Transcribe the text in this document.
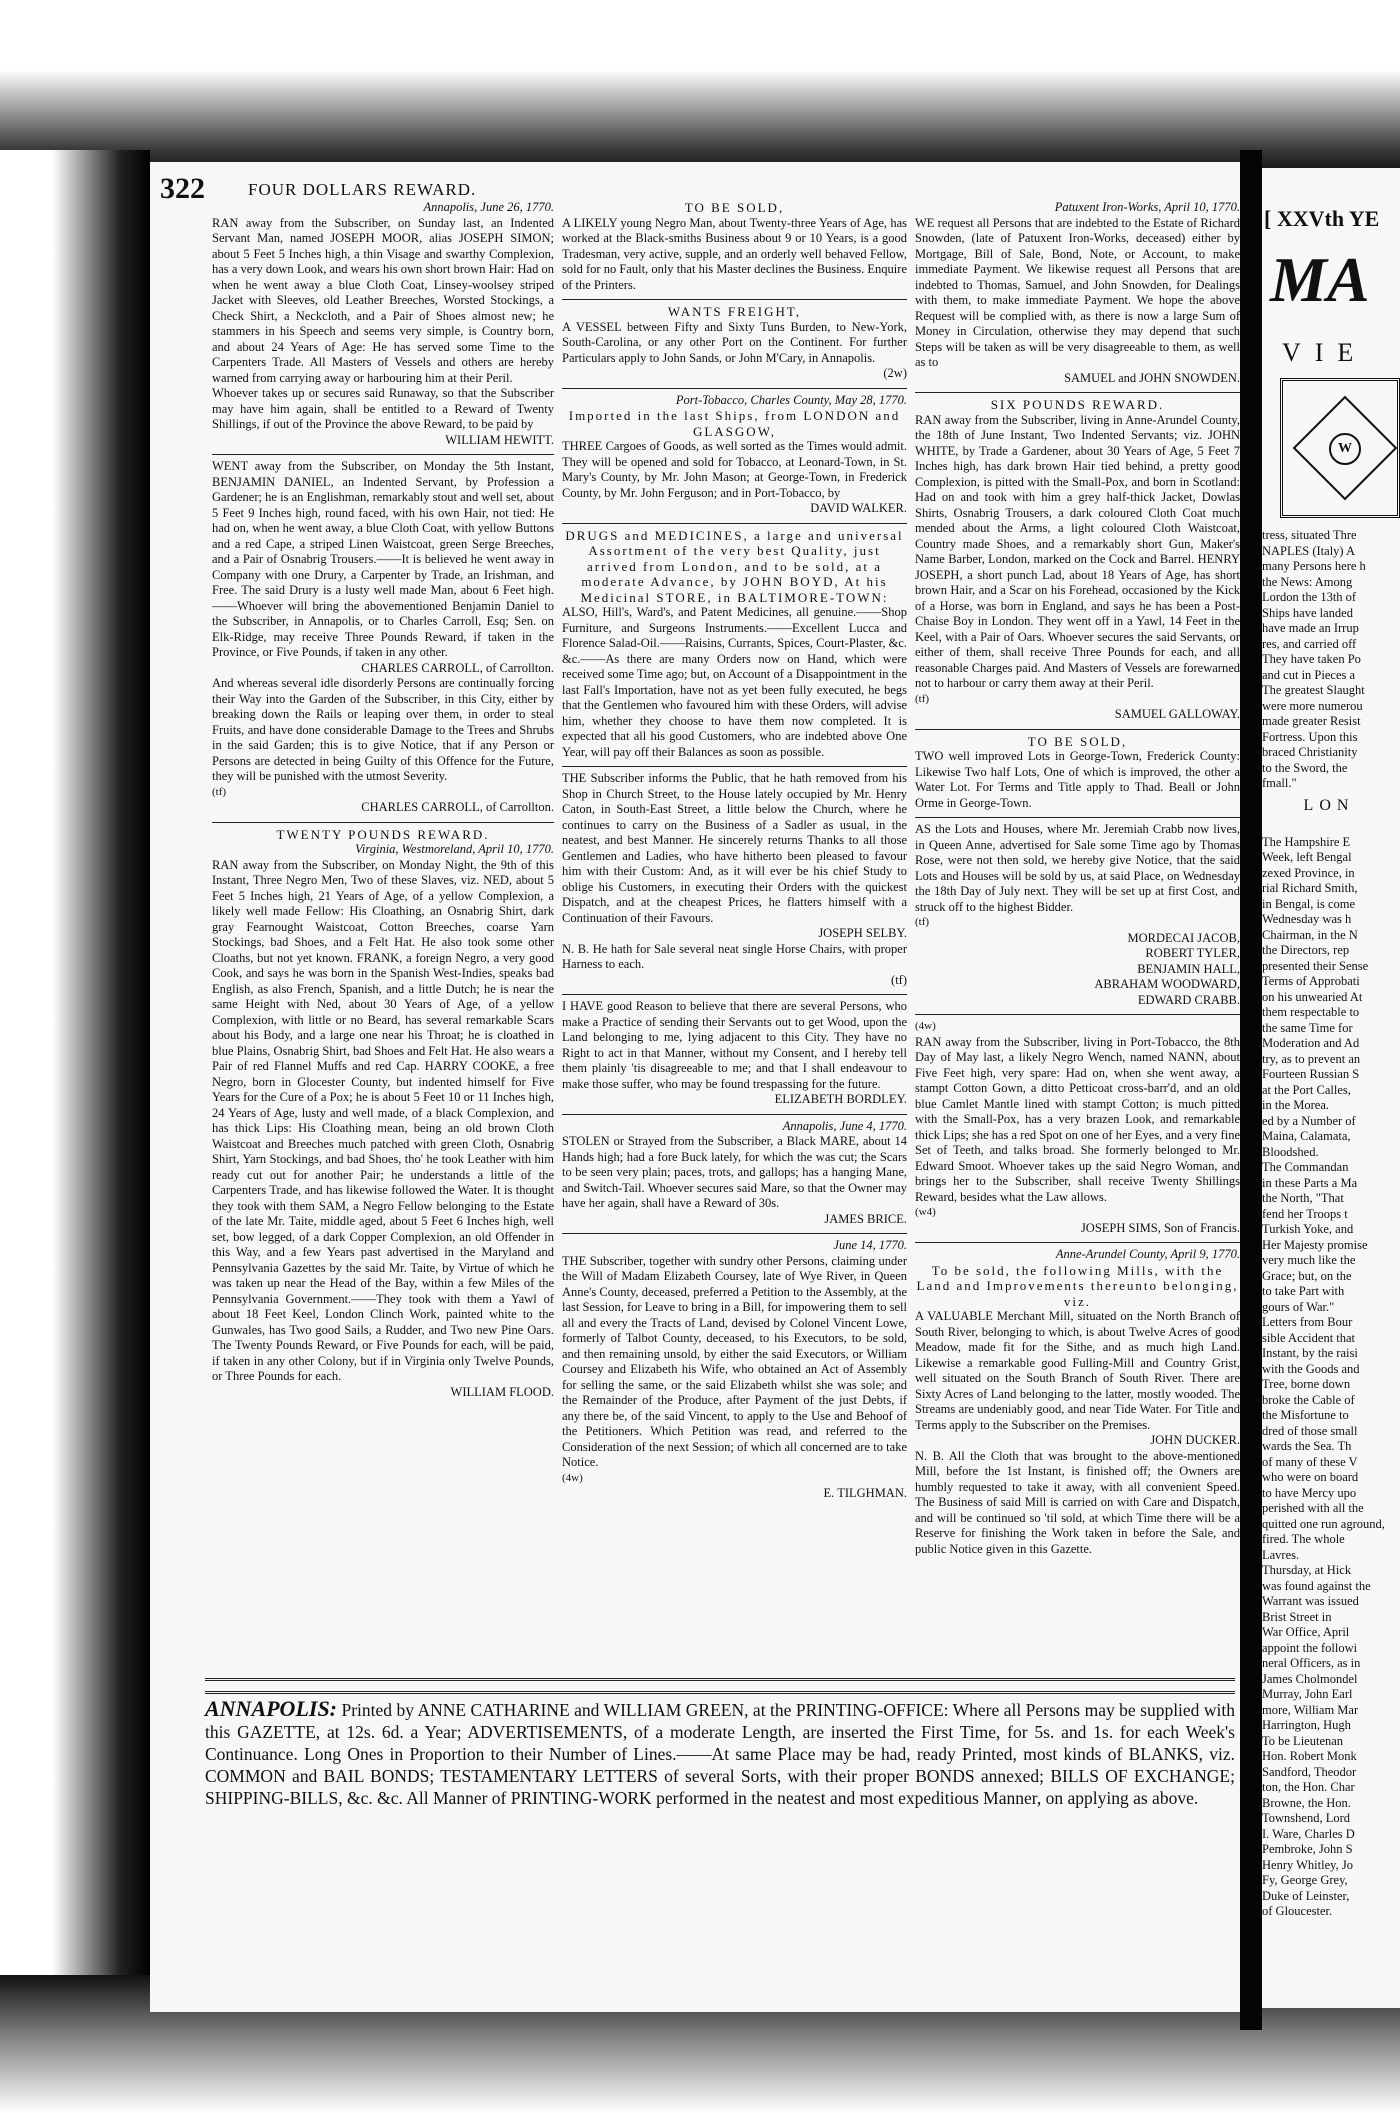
322	FOUR DOLLARS REWARD.

Annapolis, June 26, 1770.

RAN away from the Subscriber, on Sunday last, an Indented Servant Man, named JOSEPH MOOR, alias JOSEPH SIMON; about 5 Feet 5 Inches high, a thin Visage and swarthy Complexion, has a very down Look, and wears his own short brown Hair: Had on when he went away a blue Cloth Coat, Linsey-woolsey striped Jacket with Sleeves, old Leather Breeches, Worsted Stockings, a Check Shirt, a Neckcloth, and a Pair of Shoes almost new; he stammers in his Speech and seems very simple, is Country born, and about 24 Years of Age: He has served some Time to the Carpenters Trade. All Masters of Vessels and others are hereby warned from carrying away or harbouring him at their Peril.

Whoever takes up or secures said Runaway, so that the Subscriber may have him again, shall be entitled to a Reward of Twenty Shillings, if out of the Province the above Reward, to be paid by

WILLIAM HEWITT.

WENT away from the Subscriber, on Monday the 5th Instant, BENJAMIN DANIEL, an Indented Servant, by Profession a Gardener; he is an Englishman, remarkably stout and well set, about 5 Feet 9 Inches high, round faced, with his own Hair, not tied: He had on, when he went away, a blue Cloth Coat, with yellow Buttons and a red Cape, a striped Linen Waistcoat, green Serge Breeches, and a Pair of Osnabrig Trousers.——It is believed he went away in Company with one Drury, a Carpenter by Trade, an Irishman, and Free. The said Drury is a lusty well made Man, about 6 Feet high.——Whoever will bring the abovementioned Benjamin Daniel to the Subscriber, in Annapolis, or to Charles Carroll, Esq; Sen. on Elk-Ridge, may receive Three Pounds Reward, if taken in the Province, or Five Pounds, if taken in any other.

CHARLES CARROLL, of Carrollton.

And whereas several idle disorderly Persons are continually forcing their Way into the Garden of the Subscriber, in this City, either by breaking down the Rails or leaping over them, in order to steal Fruits, and have done considerable Damage to the Trees and Shrubs in the said Garden; this is to give Notice, that if any Person or Persons are detected in being Guilty of this Offence for the Future, they will be punished with the utmost Severity.

(tf)

CHARLES CARROLL, of Carrollton.

TWENTY POUNDS REWARD.

Virginia, Westmoreland, April 10, 1770.

RAN away from the Subscriber, on Monday Night, the 9th of this Instant, Three Negro Men, Two of these Slaves, viz. NED, about 5 Feet 5 Inches high, 21 Years of Age, of a yellow Complexion, a likely well made Fellow: His Cloathing, an Osnabrig Shirt, dark gray Fearnought Waistcoat, Cotton Breeches, coarse Yarn Stockings, bad Shoes, and a Felt Hat. He also took some other Cloaths, but not yet known. FRANK, a foreign Negro, a very good Cook, and says he was born in the Spanish West-Indies, speaks bad English, as also French, Spanish, and a little Dutch; he is near the same Height with Ned, about 30 Years of Age, of a yellow Complexion, with little or no Beard, has several remarkable Scars about his Body, and a large one near his Throat; he is cloathed in blue Plains, Osnabrig Shirt, bad Shoes and Felt Hat. He also wears a Pair of red Flannel Muffs and red Cap. HARRY COOKE, a free Negro, born in Glocester County, but indented himself for Five Years for the Cure of a Pox; he is about 5 Feet 10 or 11 Inches high, 24 Years of Age, lusty and well made, of a black Complexion, and has thick Lips: His Cloathing mean, being an old brown Cloth Waistcoat and Breeches much patched with green Cloth, Osnabrig Shirt, Yarn Stockings, and bad Shoes, tho' he took Leather with him ready cut out for another Pair; he understands a little of the Carpenters Trade, and has likewise followed the Water. It is thought they took with them SAM, a Negro Fellow belonging to the Estate of the late Mr. Taite, middle aged, about 5 Feet 6 Inches high, well set, bow legged, of a dark Copper Complexion, an old Offender in this Way, and a few Years past advertised in the Maryland and Pennsylvania Gazettes by the said Mr. Taite, by Virtue of which he was taken up near the Head of the Bay, within a few Miles of the Pennsylvania Government.——They took with them a Yawl of about 18 Feet Keel, London Clinch Work, painted white to the Gunwales, has Two good Sails, a Rudder, and Two new Pine Oars. The Twenty Pounds Reward, or Five Pounds for each, will be paid, if taken in any other Colony, but if in Virginia only Twelve Pounds, or Three Pounds for each.

WILLIAM FLOOD.

TO BE SOLD,

A LIKELY young Negro Man, about Twenty-three Years of Age, has worked at the Black-smiths Business about 9 or 10 Years, is a good Tradesman, very active, supple, and an orderly well behaved Fellow, sold for no Fault, only that his Master declines the Business. Enquire of the Printers.

WANTS FREIGHT,

A VESSEL between Fifty and Sixty Tuns Burden, to New-York, South-Carolina, or any other Port on the Continent. For further Particulars apply to John Sands, or John M'Cary, in Annapolis.

(2w)

Port-Tobacco, Charles County, May 28, 1770.

Imported in the last Ships, from LONDON and GLASGOW,

THREE Cargoes of Goods, as well sorted as the Times would admit. They will be opened and sold for Tobacco, at Leonard-Town, in St. Mary's County, by Mr. John Mason; at George-Town, in Frederick County, by Mr. John Ferguson; and in Port-Tobacco, by

DAVID WALKER.

DRUGS and MEDICINES, a large and universal Assortment of the very best Quality, just arrived from London, and to be sold, at a moderate Advance, by JOHN BOYD, At his Medicinal STORE, in BALTIMORE-TOWN:

ALSO, Hill's, Ward's, and Patent Medicines, all genuine.——Shop Furniture, and Surgeons Instruments.——Excellent Lucca and Florence Salad-Oil.——Raisins, Currants, Spices, Court-Plaster, &c. &c.——As there are many Orders now on Hand, which were received some Time ago; but, on Account of a Disappointment in the last Fall's Importation, have not as yet been fully executed, he begs that the Gentlemen who favoured him with these Orders, will advise him, whether they choose to have them now completed. It is expected that all his good Customers, who are indebted above One Year, will pay off their Balances as soon as possible.

THE Subscriber informs the Public, that he hath removed from his Shop in Church Street, to the House lately occupied by Mr. Henry Caton, in South-East Street, a little below the Church, where he continues to carry on the Business of a Sadler as usual, in the neatest, and best Manner. He sincerely returns Thanks to all those Gentlemen and Ladies, who have hitherto been pleased to favour him with their Custom: And, as it will ever be his chief Study to oblige his Customers, in executing their Orders with the quickest Dispatch, and at the cheapest Prices, he flatters himself with a Continuation of their Favours.

JOSEPH SELBY.

N. B. He hath for Sale several neat single Horse Chairs, with proper Harness to each.

(tf)

I HAVE good Reason to believe that there are several Persons, who make a Practice of sending their Servants out to get Wood, upon the Land belonging to me, lying adjacent to this City. They have no Right to act in that Manner, without my Consent, and I hereby tell them plainly 'tis disagreeable to me; and that I shall endeavour to make those suffer, who may be found trespassing for the future.

ELIZABETH BORDLEY.

Annapolis, June 4, 1770.

STOLEN or Strayed from the Subscriber, a Black MARE, about 14 Hands high; had a fore Buck lately, for which the was cut; the Scars to be seen very plain; paces, trots, and gallops; has a hanging Mane, and Switch-Tail. Whoever secures said Mare, so that the Owner may have her again, shall have a Reward of 30s.

JAMES BRICE.

June 14, 1770.

THE Subscriber, together with sundry other Persons, claiming under the Will of Madam Elizabeth Coursey, late of Wye River, in Queen Anne's County, deceased, preferred a Petition to the Assembly, at the last Session, for Leave to bring in a Bill, for impowering them to sell all and every the Tracts of Land, devised by Colonel Vincent Lowe, formerly of Talbot County, deceased, to his Executors, to be sold, and then remaining unsold, by either the said Executors, or William Coursey and Elizabeth his Wife, who obtained an Act of Assembly for selling the same, or the said Elizabeth whilst she was sole; and the Remainder of the Produce, after Payment of the just Debts, if any there be, of the said Vincent, to apply to the Use and Behoof of the Petitioners. Which Petition was read, and referred to the Consideration of the next Session; of which all concerned are to take Notice.

(4w)

E. TILGHMAN.

Patuxent Iron-Works, April 10, 1770.

WE request all Persons that are indebted to the Estate of Richard Snowden, (late of Patuxent Iron-Works, deceased) either by Mortgage, Bill of Sale, Bond, Note, or Account, to make immediate Payment. We likewise request all Persons that are indebted to Thomas, Samuel, and John Snowden, for Dealings with them, to make immediate Payment. We hope the above Request will be complied with, as there is now a large Sum of Money in Circulation, otherwise they may depend that such Steps will be taken as will be very disagreeable to them, as well as to

SAMUEL and JOHN SNOWDEN.

SIX POUNDS REWARD.

RAN away from the Subscriber, living in Anne-Arundel County, the 18th of June Instant, Two Indented Servants; viz. JOHN WHITE, by Trade a Gardener, about 30 Years of Age, 5 Feet 7 Inches high, has dark brown Hair tied behind, a pretty good Complexion, is pitted with the Small-Pox, and born in Scotland: Had on and took with him a grey half-thick Jacket, Dowlas Shirts, Osnabrig Trousers, a dark coloured Cloth Coat much mended about the Arms, a light coloured Cloth Waistcoat, Country made Shoes, and a remarkably short Gun, Maker's Name Barber, London, marked on the Cock and Barrel. HENRY JOSEPH, a short punch Lad, about 18 Years of Age, has short brown Hair, and a Scar on his Forehead, occasioned by the Kick of a Horse, was born in England, and says he has been a Post-Chaise Boy in London. They went off in a Yawl, 14 Feet in the Keel, with a Pair of Oars. Whoever secures the said Servants, or either of them, shall receive Three Pounds for each, and all reasonable Charges paid. And Masters of Vessels are forewarned not to harbour or carry them away at their Peril.

(tf)

SAMUEL GALLOWAY.

TO BE SOLD,

TWO well improved Lots in George-Town, Frederick County: Likewise Two half Lots, One of which is improved, the other a Water Lot. For Terms and Title apply to Thad. Beall or John Orme in George-Town.

AS the Lots and Houses, where Mr. Jeremiah Crabb now lives, in Queen Anne, advertised for Sale some Time ago by Thomas Rose, were not then sold, we hereby give Notice, that the said Lots and Houses will be sold by us, at said Place, on Wednesday the 18th Day of July next. They will be set up at first Cost, and struck off to the highest Bidder.

(tf)

MORDECAI JACOB,

ROBERT TYLER,

BENJAMIN HALL,

ABRAHAM WOODWARD,

EDWARD CRABB.

(4w)

RAN away from the Subscriber, living in Port-Tobacco, the 8th Day of May last, a likely Negro Wench, named NANN, about Five Feet high, very spare: Had on, when she went away, a stampt Cotton Gown, a ditto Petticoat cross-barr'd, and an old blue Camlet Mantle lined with stampt Cotton; is much pitted with the Small-Pox, has a very brazen Look, and remarkable thick Lips; she has a red Spot on one of her Eyes, and a very fine Set of Teeth, and talks broad. She formerly belonged to Mr. Edward Smoot. Whoever takes up the said Negro Woman, and brings her to the Subscriber, shall receive Twenty Shillings Reward, besides what the Law allows.

(w4)

JOSEPH SIMS, Son of Francis.

Anne-Arundel County, April 9, 1770.

To be sold, the following Mills, with the Land and Improvements thereunto belonging, viz.

A VALUABLE Merchant Mill, situated on the North Branch of South River, belonging to which, is about Twelve Acres of good Meadow, made fit for the Sithe, and as much high Land. Likewise a remarkable good Fulling-Mill and Country Grist, well situated on the South Branch of South River. There are Sixty Acres of Land belonging to the latter, mostly wooded. The Streams are undeniably good, and near Tide Water. For Title and Terms apply to the Subscriber on the Premises.

JOHN DUCKER.

N. B. All the Cloth that was brought to the above-mentioned Mill, before the 1st Instant, is finished off; the Owners are humbly requested to take it away, with all convenient Speed. The Business of said Mill is carried on with Care and Dispatch, and will be continued so 'til sold, at which Time there will be a Reserve for finishing the Work taken in before the Sale, and public Notice given in this Gazette.

ANNAPOLIS: Printed by ANNE CATHARINE and WILLIAM GREEN, at the PRINTING-OFFICE: Where all Persons may be supplied with this GAZETTE, at 12s. 6d. a Year; ADVERTISEMENTS, of a moderate Length, are inserted the First Time, for 5s. and 1s. for each Week's Continuance. Long Ones in Proportion to their Number of Lines.——At same Place may be had, ready Printed, most kinds of BLANKS, viz. COMMON and BAIL BONDS; TESTAMENTARY LETTERS of several Sorts, with their proper BONDS annexed; BILLS OF EXCHANGE; SHIPPING-BILLS, &c. &c. All Manner of PRINTING-WORK performed in the neatest and most expeditious Manner, on applying as above.
[ XXVth YE
MA
VIE
W
tress, situated Thre
NAPLES (Italy) A
many Persons here h
the News: Among
Lordon the 13th of
Ships have landed
have made an Irrup
res, and carried off
They have taken Po
and cut in Pieces a
The greatest Slaught
were more numerou
made greater Resist
Fortress. Upon this
braced Christianity
to the Sword, the
fmall."
LON
The Hampshire E
Week, left Bengal
zexed Province, in
rial Richard Smith,
in Bengal, is come
Wednesday was h
Chairman, in the N
the Directors, rep
presented their Sense
Terms of Approbati
on his unwearied At
them respectable to
the same Time for
Moderation and Ad
try, as to prevent an
Fourteen Russian S
at the Port Calles,
in the Morea.
ed by a Number of
Maina, Calamata,
Bloodshed.
The Commandan
in these Parts a Ma
the North, "That
fend her Troops t
Turkish Yoke, and
Her Majesty promise
very much like the
Grace; but, on the
to take Part with
gours of War."
Letters from Bour
sible Accident that
Instant, by the raisi
with the Goods and
Tree, borne down
broke the Cable of
the Misfortune to
dred of those small
wards the Sea. Th
of many of these V
who were on board
to have Mercy upo
perished with all the
quitted one run aground,
fired. The whole
Lavres.
Thursday, at Hick
was found against the
Warrant was issued
Brist Street in
War Office, April
appoint the followi
neral Officers, as in
James Cholmondel
Murray, John Earl
more, William Mar
Harrington, Hugh
To be Lieutenan
Hon. Robert Monk
Sandford, Theodor
ton, the Hon. Char
Browne, the Hon.
Townshend, Lord
I. Ware, Charles D
Pembroke, John S
Henry Whitley, Jo
Fy, George Grey,
Duke of Leinster,
of Gloucester.
